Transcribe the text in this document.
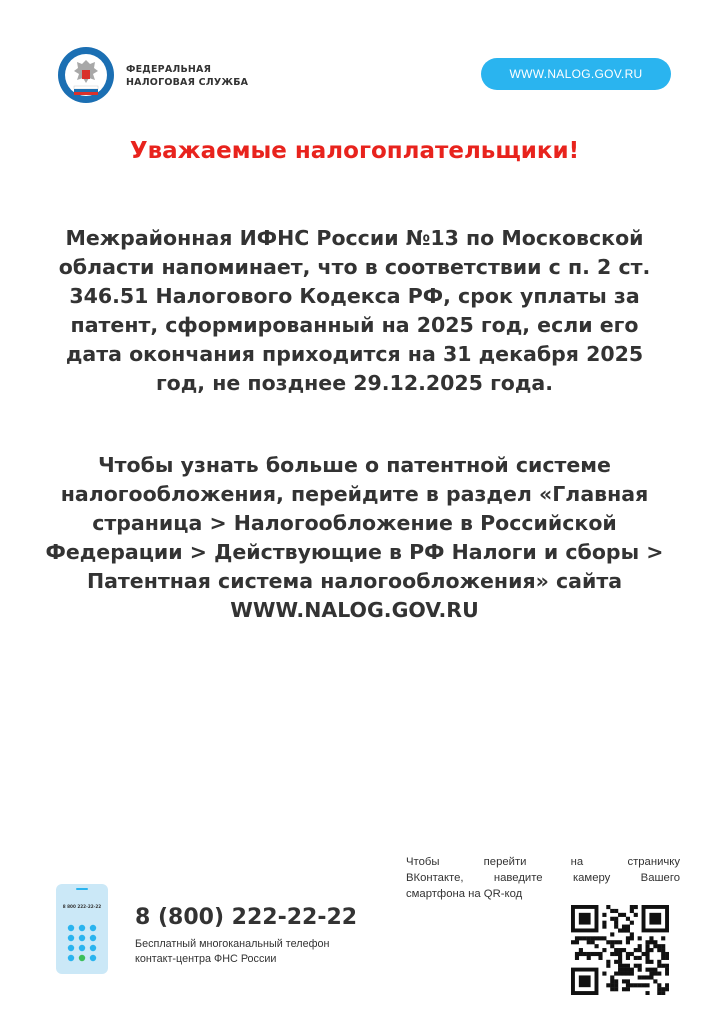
ФЕДЕРАЛЬНАЯ
НАЛОГОВАЯ СЛУЖБА
WWW.NALOG.GOV.RU
Уважаемые налогоплательщики!
Межрайонная ИФНС России №13 по Московской
области напоминает, что в соответствии с п. 2 ст.
346.51 Налогового Кодекса РФ, срок уплаты за
патент, сформированный на 2025 год, если его
дата окончания приходится на 31 декабря 2025
год, не позднее 29.12.2025 года.
Чтобы узнать больше о патентной системе
налогообложения, перейдите в раздел «Главная
страница > Налогообложение в Российской
Федерации > Действующие в РФ Налоги и сборы >
Патентная система налогообложения» сайта
WWW.NALOG.GOV.RU
Чтобы перейти на страничку
ВКонтакте, наведите камеру Вашего
смартфона на QR-код
8 800 222-22-22 8 (800) 222-22-22
Бесплатный многоканальный телефон
контакт-центра ФНС России
